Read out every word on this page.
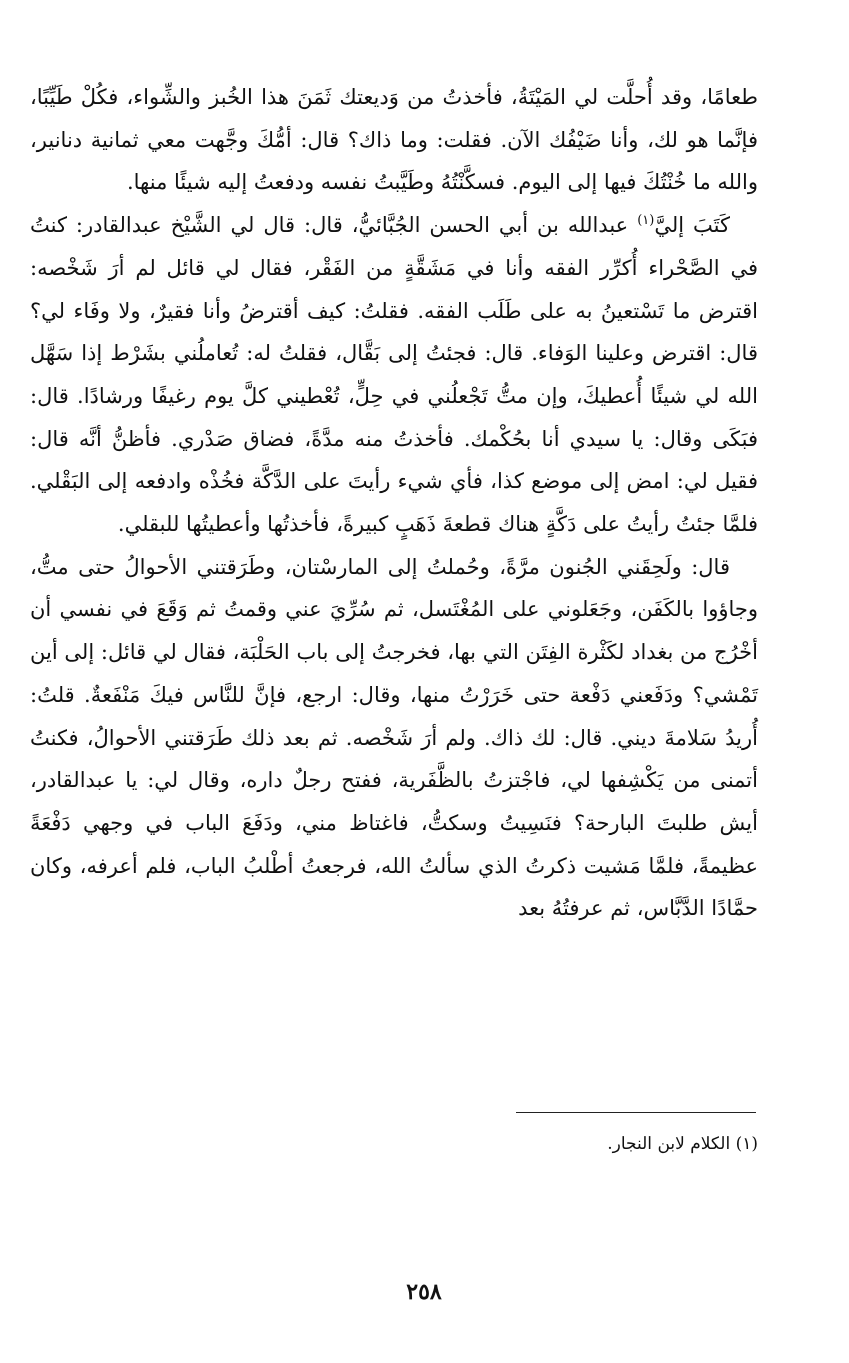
طعامًا، وقد أُحلَّت لي المَيْتَةُ، فأخذتُ من وَديعتك ثَمَنَ هذا الخُبز والشِّواء، فكُلْ طَيِّبًا، فإنَّما هو لك، وأنا ضَيْفُك الآن. فقلت: وما ذاك؟ قال: أمُّكَ وجَّهت معي ثمانية دنانير، والله ما خُنْتُكَ فيها إلى اليوم. فسكَّنْتُهُ وطَيَّبتُ نفسه ودفعتُ إليه شيئًا منها.

كَتَبَ إليَّ$^{(١)}$ عبدالله بن أبي الحسن الجُبَّائيُّ، قال: قال لي الشَّيْخ عبدالقادر: كنتُ في الصَّحْراء أُكرِّر الفقه وأنا في مَشَقَّةٍ من الفَقْر، فقال لي قائل لم أرَ شَخْصه: اقترض ما تَسْتعينُ به على طَلَب الفقه. فقلتُ: كيف أقترضُ وأنا فقيرٌ، ولا وفَاء لي؟ قال: اقترض وعلينا الوَفاء. قال: فجئتُ إلى بَقَّال، فقلتُ له: تُعاملُني بشَرْط إذا سَهَّل الله لي شيئًا أُعطيكَ، وإن متُّ تَجْعلُني في حِلٍّ، تُعْطيني كلَّ يوم رغيفًا ورشادًا. قال: فبَكَى وقال: يا سيدي أنا بحُكْمك. فأخذتُ منه مدَّةً، فضاق صَدْري. فأظنُّ أنَّه قال: فقيل لي: امض إلى موضع كذا، فأي شيء رأيتَ على الدَّكَّة فخُذْه وادفعه إلى البَقْلي. فلمَّا جئتُ رأيتُ على دَكَّةٍ هناك قطعةَ ذَهَبٍ كبيرةً، فأخذتُها وأعطيتُها للبقلي.

قال: ولَحِقَني الجُنون مرَّةً، وحُملتُ إلى المارسْتان، وطَرَقتني الأحوالُ حتى متُّ، وجاؤوا بالكَفَن، وجَعَلوني على المُغْتَسل، ثم سُرِّيَ عني وقمتُ ثم وَقَعَ في نفسي أن أخْرُج من بغداد لكَثْرة الفِتَن التي بها، فخرجتُ إلى باب الحَلْبَة، فقال لي قائل: إلى أين تَمْشي؟ ودَفَعني دَفْعة حتى خَرَرْتُ منها، وقال: ارجع، فإنَّ للنَّاس فيكَ مَنْفَعةٌ. قلتُ: أُريدُ سَلامةَ ديني. قال: لك ذاك. ولم أرَ شَخْصه. ثم بعد ذلك طَرَقتني الأحوالُ، فكنتُ أتمنى من يَكْشِفها لي، فاجْتزتُ بالظَّفَرية، ففتح رجلٌ داره، وقال لي: يا عبدالقادر، أيش طلبتَ البارحة؟ فنَسِيتُ وسكتُّ، فاغتاظ مني، ودَفَعَ الباب في وجهي دَفْعَةً عظيمةً، فلمَّا مَشيت ذكرتُ الذي سألتُ الله، فرجعتُ أطْلبُ الباب، فلم أعرفه، وكان حمَّادًا الدَّبَّاس، ثم عرفتُهُ بعد

(١) الكلام لابن النجار.
٢٥٨
